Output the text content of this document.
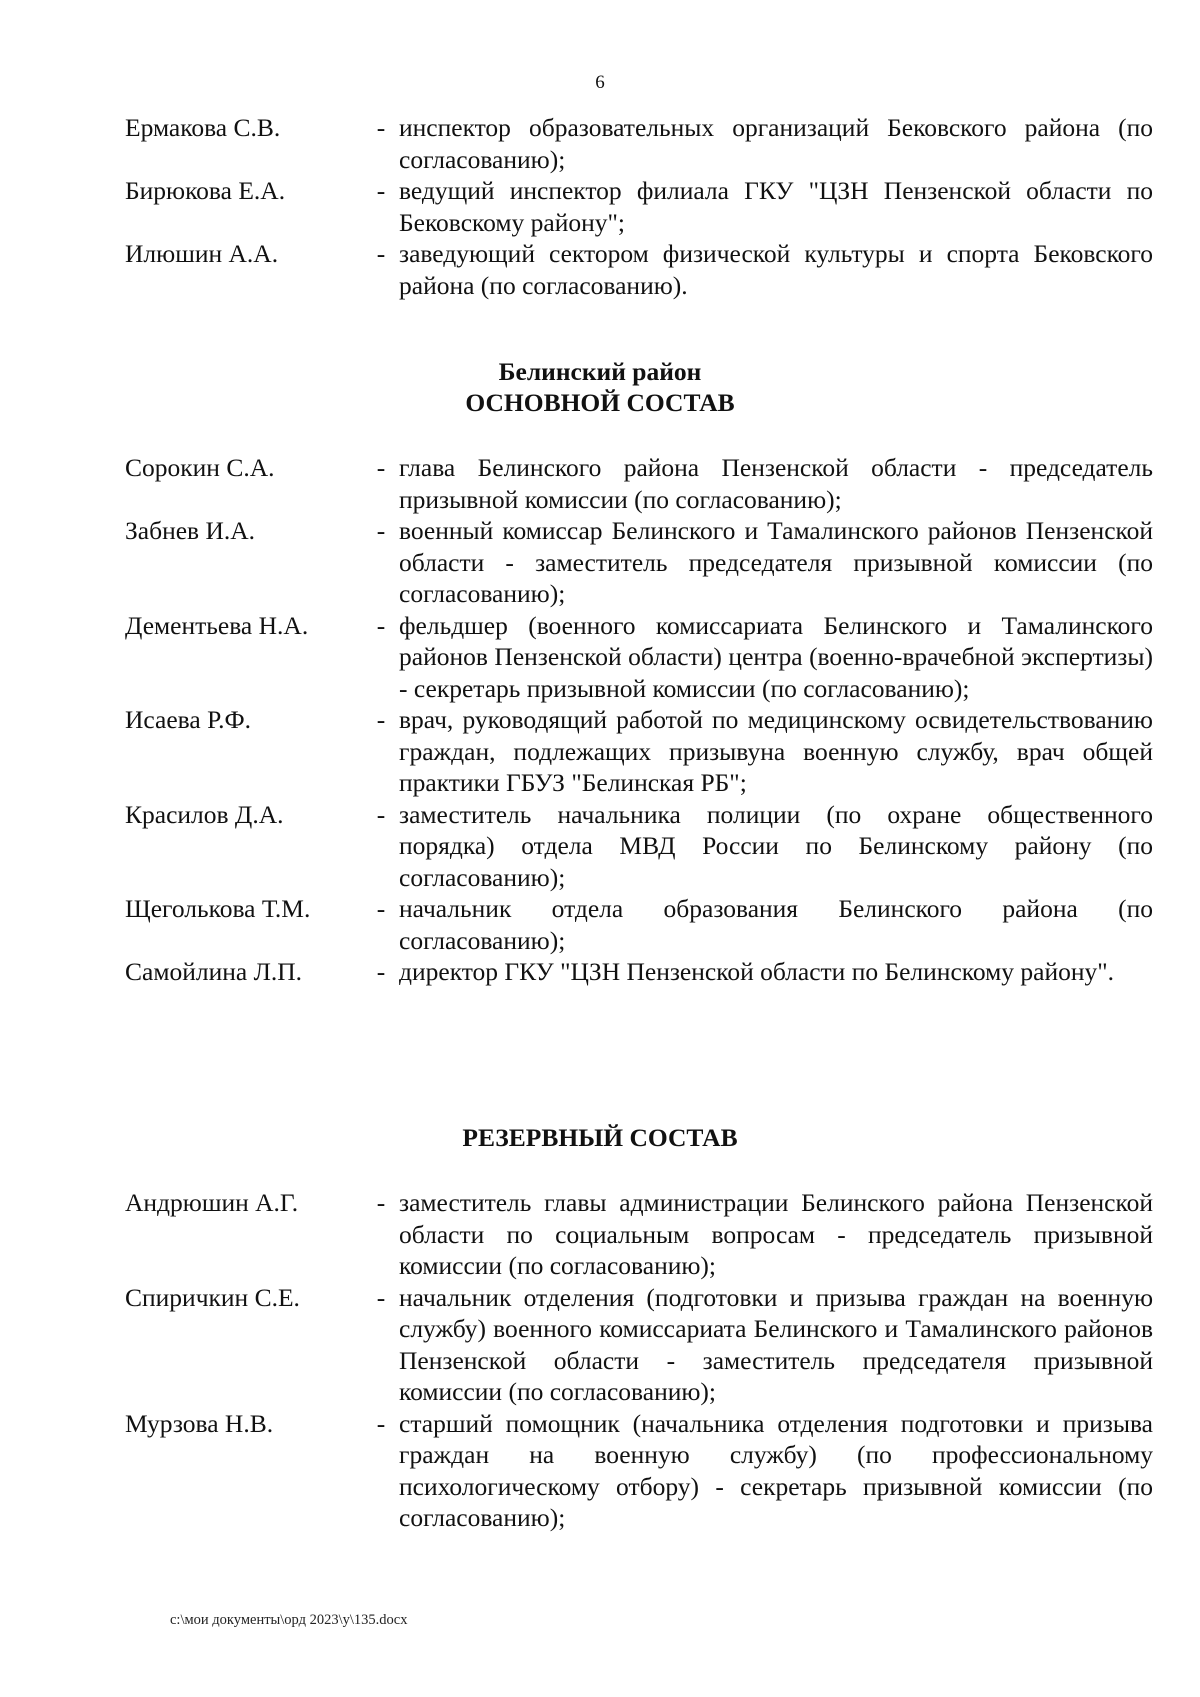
6
Ермакова С.В.	- инспектор образовательных организаций Бековского района (по согласованию);
Бирюкова Е.А.	- ведущий инспектор филиала ГКУ "ЦЗН Пензенской области по Бековскому району";
Илюшин А.А.	- заведующий сектором физической культуры и спорта Бековского района (по согласованию).
Белинский район
ОСНОВНОЙ СОСТАВ
Сорокин С.А.	- глава Белинского района Пензенской области - председатель призывной комиссии (по согласованию);
Забнев И.А.	- военный комиссар Белинского и Тамалинского районов Пензенской области - заместитель председателя призывной комиссии (по согласованию);
Дементьева Н.А.	- фельдшер (военного комиссариата Белинского и Тамалинского районов Пензенской области) центра (военно-врачебной экспертизы) - секретарь призывной комиссии (по согласованию);
Исаева Р.Ф.	- врач, руководящий работой по медицинскому освидетельствованию граждан, подлежащих призывуна военную службу, врач общей практики ГБУЗ "Белинская РБ";
Красилов Д.А.	- заместитель начальника полиции (по охране общественного порядка) отдела МВД России по Белинскому району (по согласованию);
Щеголькова Т.М.	- начальник отдела образования Белинского района (по согласованию);
Самойлина Л.П.	- директор ГКУ "ЦЗН Пензенской области по Белинскому району".
РЕЗЕРВНЫЙ СОСТАВ
Андрюшин А.Г.	- заместитель главы администрации Белинского района Пензенской области по социальным вопросам - председатель призывной комиссии (по согласованию);
Спиричкин С.Е.	- начальник отделения (подготовки и призыва граждан на военную службу) военного комиссариата Белинского и Тамалинского районов Пензенской области - заместитель председателя призывной комиссии (по согласованию);
Мурзова Н.В.	- старший помощник (начальника отделения подготовки и призыва граждан на военную службу) (по профессиональному психологическому отбору) - секретарь призывной комиссии (по согласованию);
c:\мои документы\орд 2023\у\135.docx
